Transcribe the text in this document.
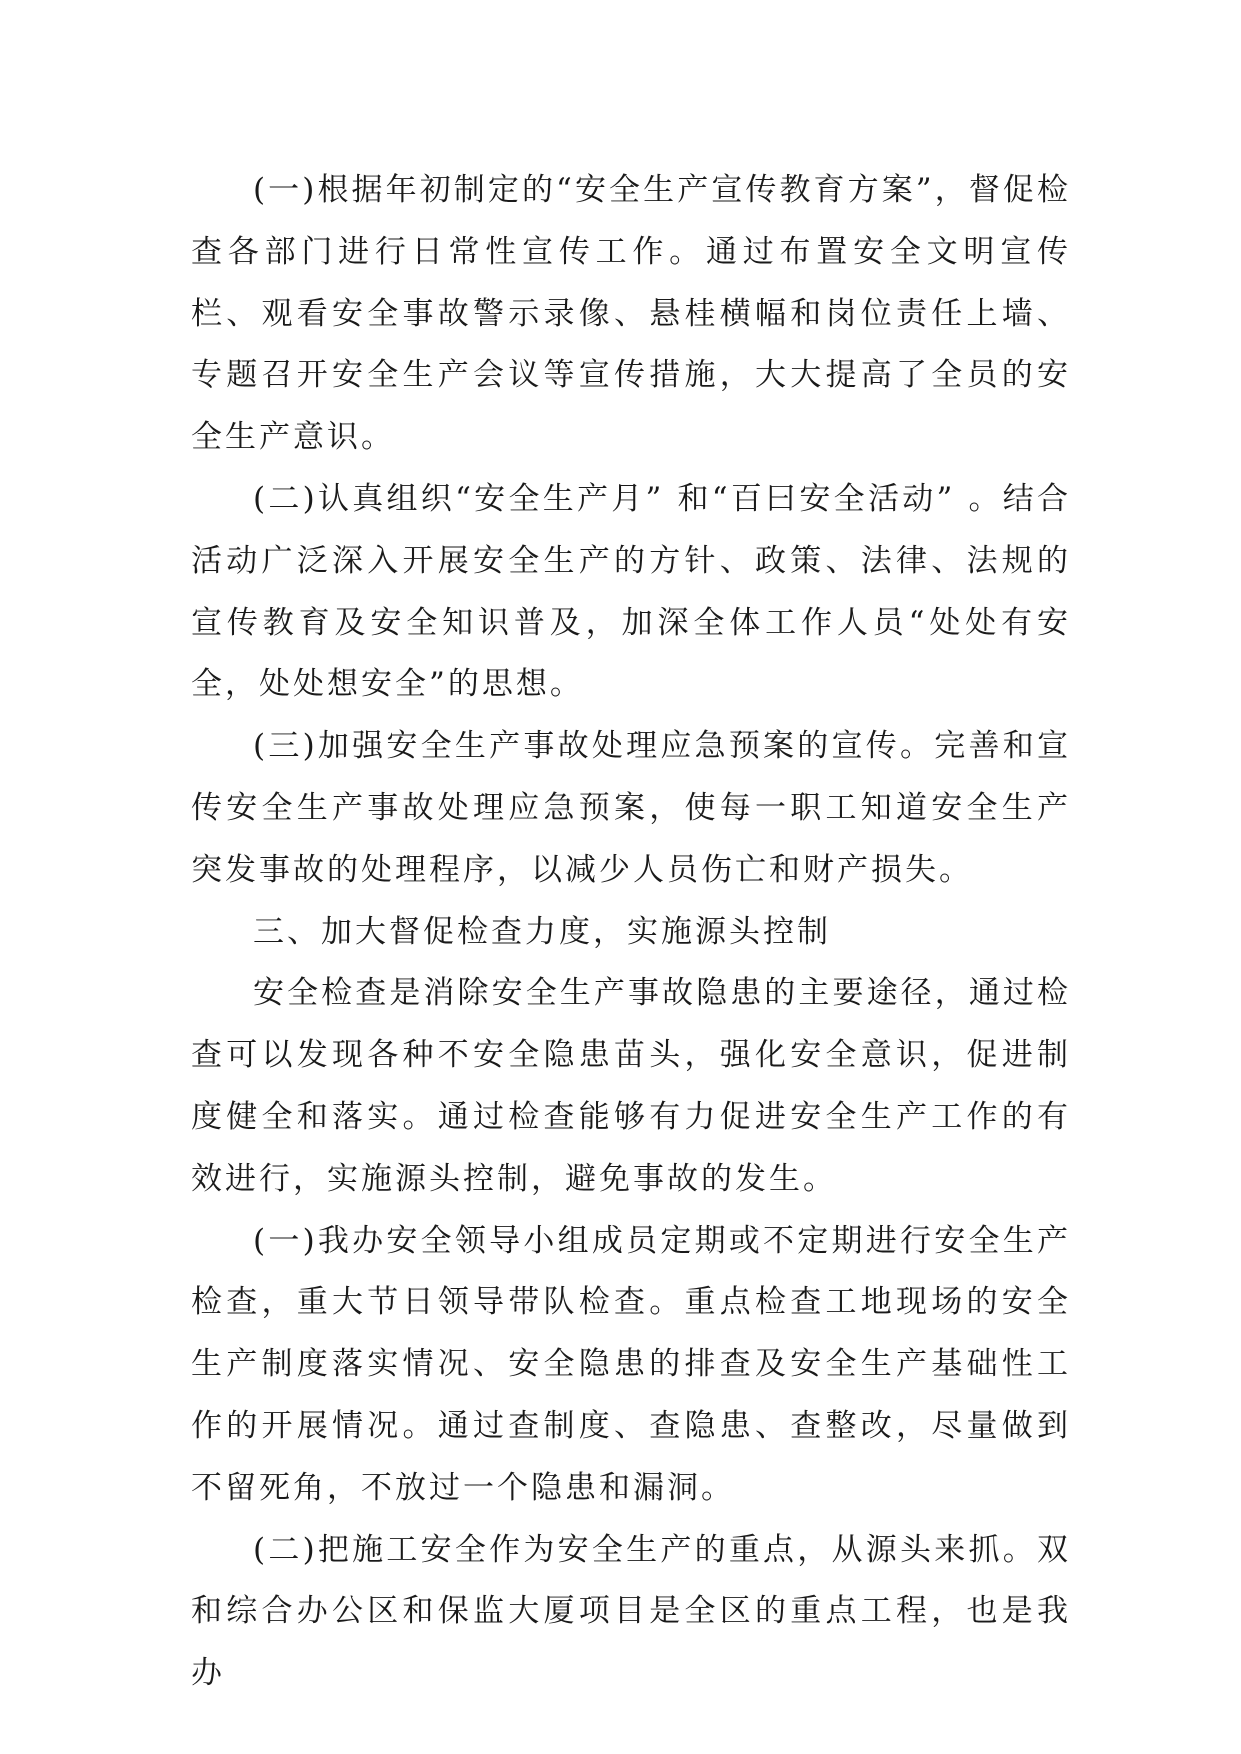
(一)根据年初制定的“安全生产宣传教育方案”，督促检查各部门进行日常性宣传工作。通过布置安全文明宣传栏、观看安全事故警示录像、悬桂横幅和岗位责任上墙、专题召开安全生产会议等宣传措施，大大提高了全员的安全生产意识。

(二)认真组织“安全生产月” 和“百曰安全活动” 。结合活动广泛深入开展安全生产的方针、政策、法律、法规的宣传教育及安全知识普及，加深全体工作人员“处处有安全，处处想安全”的思想。

(三)加强安全生产事故处理应急预案的宣传。完善和宣传安全生产事故处理应急预案，使每一职工知道安全生产突发事故的处理程序，以减少人员伤亡和财产损失。

三、加大督促检查力度，实施源头控制

安全检查是消除安全生产事故隐患的主要途径，通过检查可以发现各种不安全隐患苗头，强化安全意识，促进制度健全和落实。通过检查能够有力促进安全生产工作的有效进行，实施源头控制，避免事故的发生。

(一)我办安全领导小组成员定期或不定期进行安全生产检查，重大节日领导带队检查。重点检查工地现场的安全生产制度落实情况、安全隐患的排查及安全生产基础性工作的开展情况。通过查制度、查隐患、查整改，尽量做到不留死角，不放过一个隐患和漏洞。

(二)把施工安全作为安全生产的重点，从源头来抓。双和综合办公区和保监大厦项目是全区的重点工程，也是我办
